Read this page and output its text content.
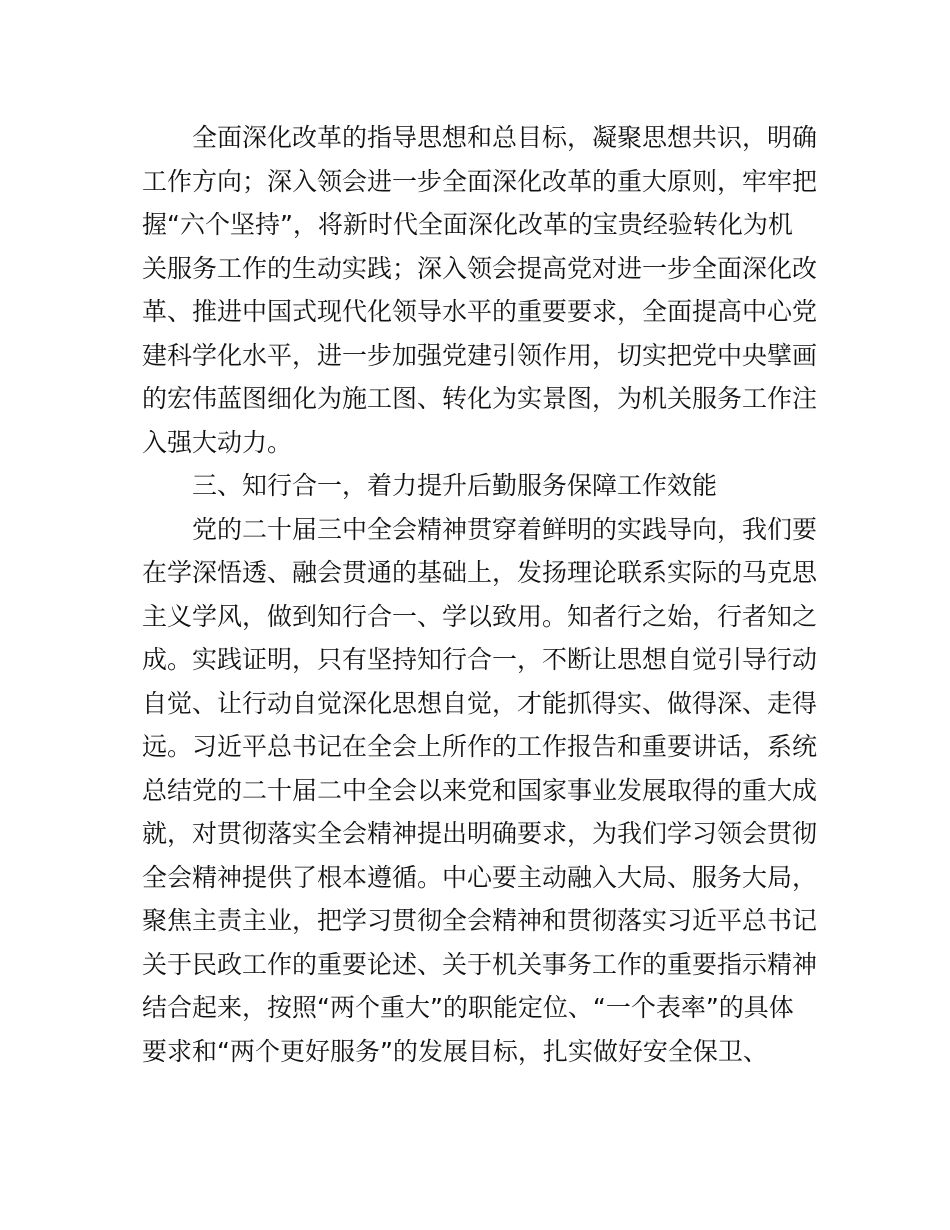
全面深化改革的指导思想和总目标，凝聚思想共识，明确
工作方向；深入领会进一步全面深化改革的重大原则，牢牢把
握“六个坚持”，将新时代全面深化改革的宝贵经验转化为机
关服务工作的生动实践；深入领会提高党对进一步全面深化改
革、推进中国式现代化领导水平的重要要求，全面提高中心党
建科学化水平，进一步加强党建引领作用，切实把党中央擘画
的宏伟蓝图细化为施工图、转化为实景图，为机关服务工作注
入强大动力。
三、知行合一，着力提升后勤服务保障工作效能
党的二十届三中全会精神贯穿着鲜明的实践导向，我们要
在学深悟透、融会贯通的基础上，发扬理论联系实际的马克思
主义学风，做到知行合一、学以致用。知者行之始，行者知之
成。实践证明，只有坚持知行合一，不断让思想自觉引导行动
自觉、让行动自觉深化思想自觉，才能抓得实、做得深、走得
远。习近平总书记在全会上所作的工作报告和重要讲话，系统
总结党的二十届二中全会以来党和国家事业发展取得的重大成
就，对贯彻落实全会精神提出明确要求，为我们学习领会贯彻
全会精神提供了根本遵循。中心要主动融入大局、服务大局，
聚焦主责主业，把学习贯彻全会精神和贯彻落实习近平总书记
关于民政工作的重要论述、关于机关事务工作的重要指示精神
结合起来，按照“两个重大”的职能定位、“一个表率”的具体
要求和“两个更好服务”的发展目标，扎实做好安全保卫、
